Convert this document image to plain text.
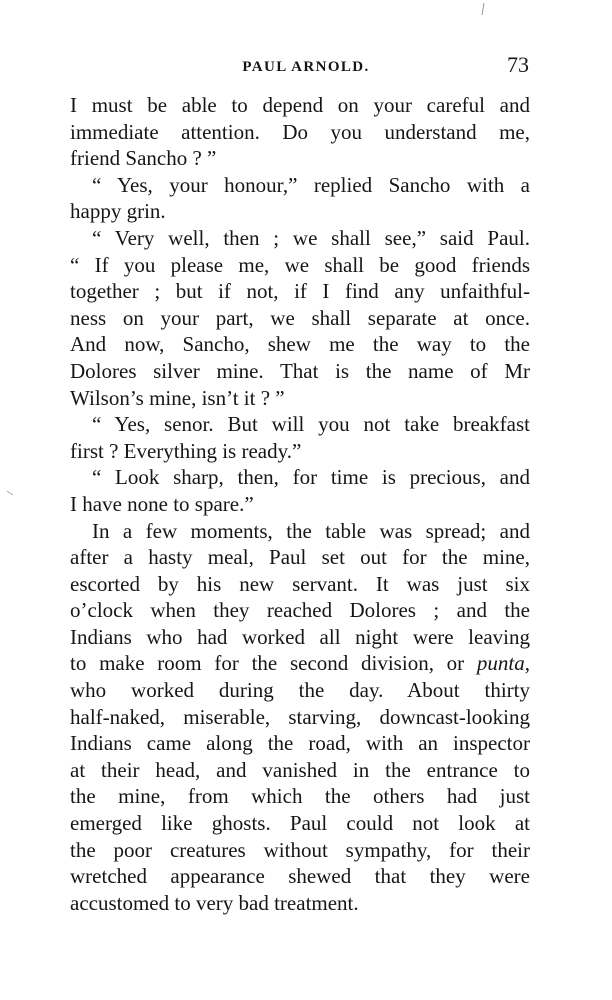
PAUL ARNOLD.	73
I must be able to depend on your careful and
immediate attention. Do you understand me,
friend Sancho ? ”
“ Yes, your honour,” replied Sancho with a
happy grin.
“ Very well, then ; we shall see,” said Paul.
“ If you please me, we shall be good friends
together ; but if not, if I find any unfaithful-
ness on your part, we shall separate at once.
And now, Sancho, shew me the way to the
Dolores silver mine. That is the name of Mr
Wilson’s mine, isn’t it ? ”
“ Yes, senor. But will you not take breakfast
first ? Everything is ready.”
“ Look sharp, then, for time is precious, and
I have none to spare.”
In a few moments, the table was spread; and
after a hasty meal, Paul set out for the mine,
escorted by his new servant. It was just six
o’clock when they reached Dolores ; and the
Indians who had worked all night were leaving
to make room for the second division, or punta,
who worked during the day. About thirty
half-naked, miserable, starving, downcast-looking
Indians came along the road, with an inspector
at their head, and vanished in the entrance to
the mine, from which the others had just
emerged like ghosts. Paul could not look at
the poor creatures without sympathy, for their
wretched appearance shewed that they were
accustomed to very bad treatment.
